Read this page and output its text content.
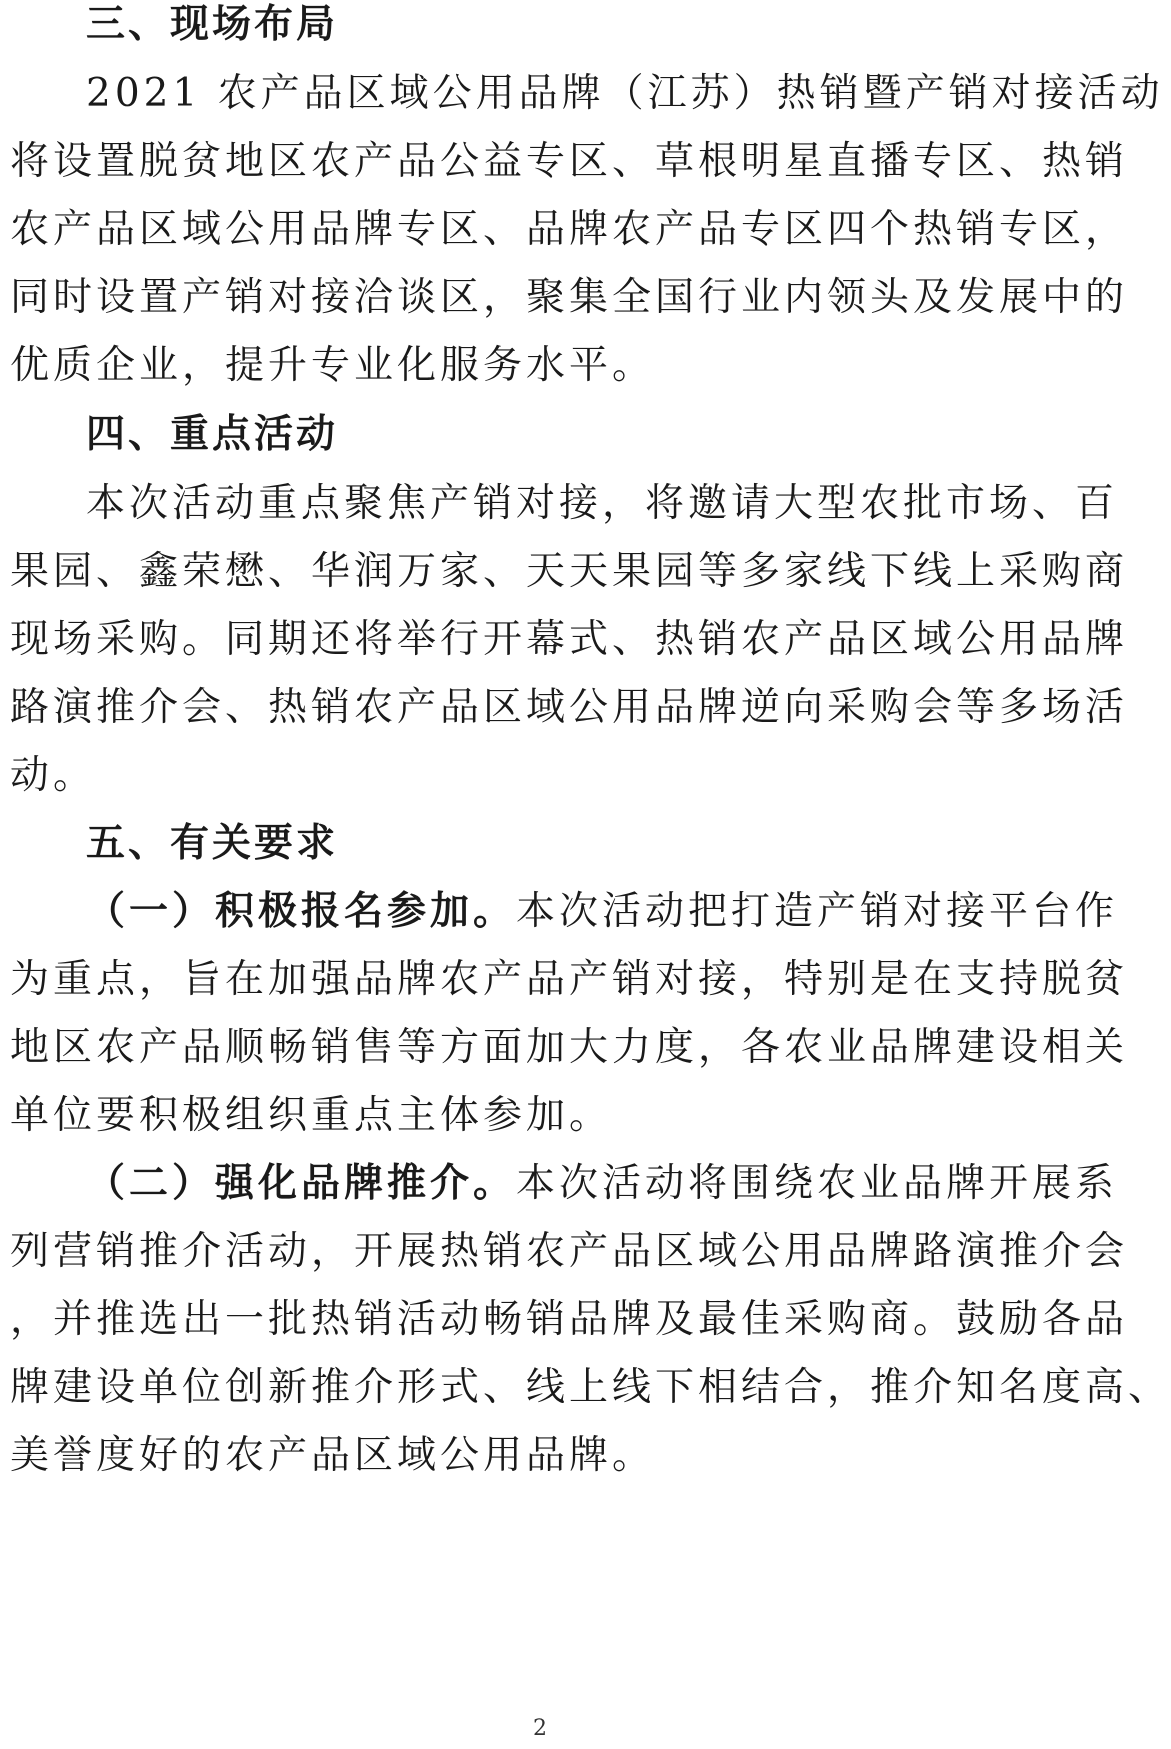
三、现场布局
2021 农产品区域公用品牌（江苏）热销暨产销对接活动
将设置脱贫地区农产品公益专区、草根明星直播专区、热销
农产品区域公用品牌专区、品牌农产品专区四个热销专区，
同时设置产销对接洽谈区，聚集全国行业内领头及发展中的
优质企业，提升专业化服务水平。
四、重点活动
本次活动重点聚焦产销对接，将邀请大型农批市场、百
果园、鑫荣懋、华润万家、天天果园等多家线下线上采购商
现场采购。同期还将举行开幕式、热销农产品区域公用品牌
路演推介会、热销农产品区域公用品牌逆向采购会等多场活
动。
五、有关要求
（一）积极报名参加。本次活动把打造产销对接平台作
为重点，旨在加强品牌农产品产销对接，特别是在支持脱贫
地区农产品顺畅销售等方面加大力度，各农业品牌建设相关
单位要积极组织重点主体参加。
（二）强化品牌推介。本次活动将围绕农业品牌开展系
列营销推介活动，开展热销农产品区域公用品牌路演推介会
，并推选出一批热销活动畅销品牌及最佳采购商。鼓励各品
牌建设单位创新推介形式、线上线下相结合，推介知名度高、
美誉度好的农产品区域公用品牌。
2
